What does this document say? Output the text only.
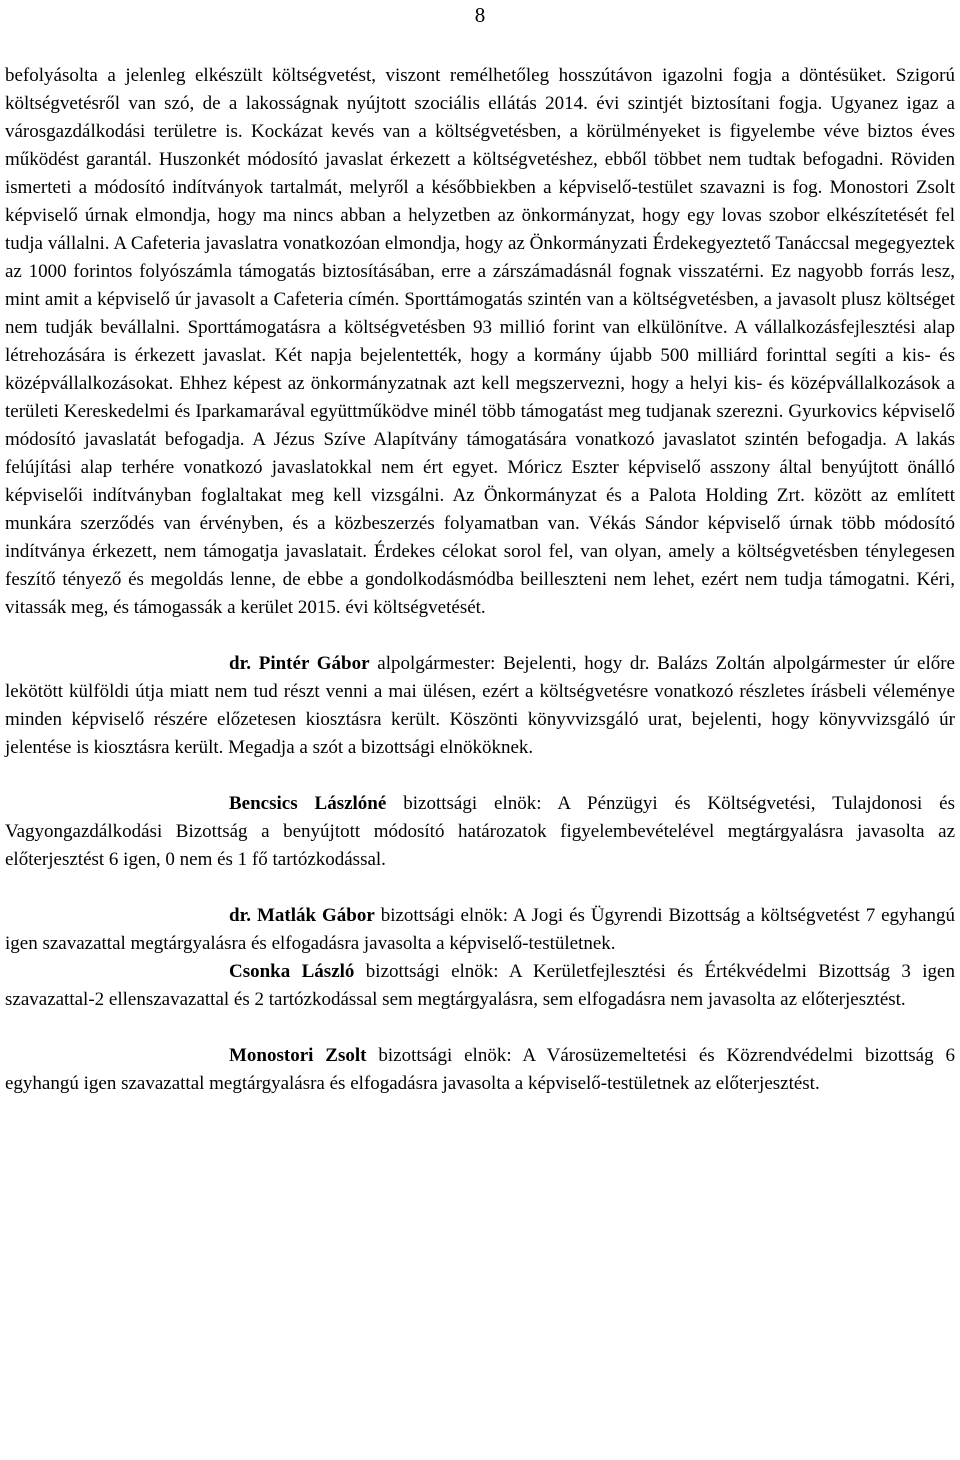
8

befolyásolta a jelenleg elkészült költségvetést, viszont remélhetőleg hosszútávon igazolni fogja a döntésüket. Szigorú költségvetésről van szó, de a lakosságnak nyújtott szociális ellátás 2014. évi szintjét biztosítani fogja. Ugyanez igaz a városgazdálkodási területre is. Kockázat kevés van a költségvetésben, a körülményeket is figyelembe véve biztos éves működést garantál. Huszonkét módosító javaslat érkezett a költségvetéshez, ebből többet nem tudtak befogadni. Röviden ismerteti a módosító indítványok tartalmát, melyről a későbbiekben a képviselő-testület szavazni is fog. Monostori Zsolt képviselő úrnak elmondja, hogy ma nincs abban a helyzetben az önkormányzat, hogy egy lovas szobor elkészítetését fel tudja vállalni. A Cafeteria javaslatra vonatkozóan elmondja, hogy az Önkormányzati Érdekegyeztető Tanáccsal megegyeztek az 1000 forintos folyószámla támogatás biztosításában, erre a zárszámadásnál fognak visszatérni. Ez nagyobb forrás lesz, mint amit a képviselő úr javasolt a Cafeteria címén. Sporttámogatás szintén van a költségvetésben, a javasolt plusz költséget nem tudják bevállalni. Sporttámogatásra a költségvetésben 93 millió forint van elkülönítve. A vállalkozásfejlesztési alap létrehozására is érkezett javaslat. Két napja bejelentették, hogy a kormány újabb 500 milliárd forinttal segíti a kis- és középvállalkozásokat. Ehhez képest az önkormányzatnak azt kell megszervezni, hogy a helyi kis- és középvállalkozások a területi Kereskedelmi és Iparkamarával együttműködve minél több támogatást meg tudjanak szerezni. Gyurkovics képviselő módosító javaslatát befogadja. A Jézus Szíve Alapítvány támogatására vonatkozó javaslatot szintén befogadja. A lakás felújítási alap terhére vonatkozó javaslatokkal nem ért egyet. Móricz Eszter képviselő asszony által benyújtott önálló képviselői indítványban foglaltakat meg kell vizsgálni. Az Önkormányzat és a Palota Holding Zrt. között az említett munkára szerződés van érvényben, és a közbeszerzés folyamatban van. Vékás Sándor képviselő úrnak több módosító indítványa érkezett, nem támogatja javaslatait. Érdekes célokat sorol fel, van olyan, amely a költségvetésben ténylegesen feszítő tényező és megoldás lenne, de ebbe a gondolkodásmódba beilleszteni nem lehet, ezért nem tudja támogatni. Kéri, vitassák meg, és támogassák a kerület 2015. évi költségvetését.

dr. Pintér Gábor alpolgármester: Bejelenti, hogy dr. Balázs Zoltán alpolgármester úr előre lekötött külföldi útja miatt nem tud részt venni a mai ülésen, ezért a költségvetésre vonatkozó részletes írásbeli véleménye minden képviselő részére előzetesen kiosztásra került. Köszönti könyvvizsgáló urat, bejelenti, hogy könyvvizsgáló úr jelentése is kiosztásra került. Megadja a szót a bizottsági elnököknek.

Bencsics Lászlóné bizottsági elnök: A Pénzügyi és Költségvetési, Tulajdonosi és Vagyongazdálkodási Bizottság a benyújtott módosító határozatok figyelembevételével megtárgyalásra javasolta az előterjesztést 6 igen, 0 nem és 1 fő tartózkodással.

dr. Matlák Gábor bizottsági elnök: A Jogi és Ügyrendi Bizottság a költségvetést 7 egyhangú igen szavazattal megtárgyalásra és elfogadásra javasolta a képviselő-testületnek.

Csonka László bizottsági elnök: A Kerületfejlesztési és Értékvédelmi Bizottság 3 igen szavazattal-2 ellenszavazattal és 2 tartózkodással sem megtárgyalásra, sem elfogadásra nem javasolta az előterjesztést.

Monostori Zsolt bizottsági elnök: A Városüzemeltetési és Közrendvédelmi bizottság 6 egyhangú igen szavazattal megtárgyalásra és elfogadásra javasolta a képviselő-testületnek az előterjesztést.
